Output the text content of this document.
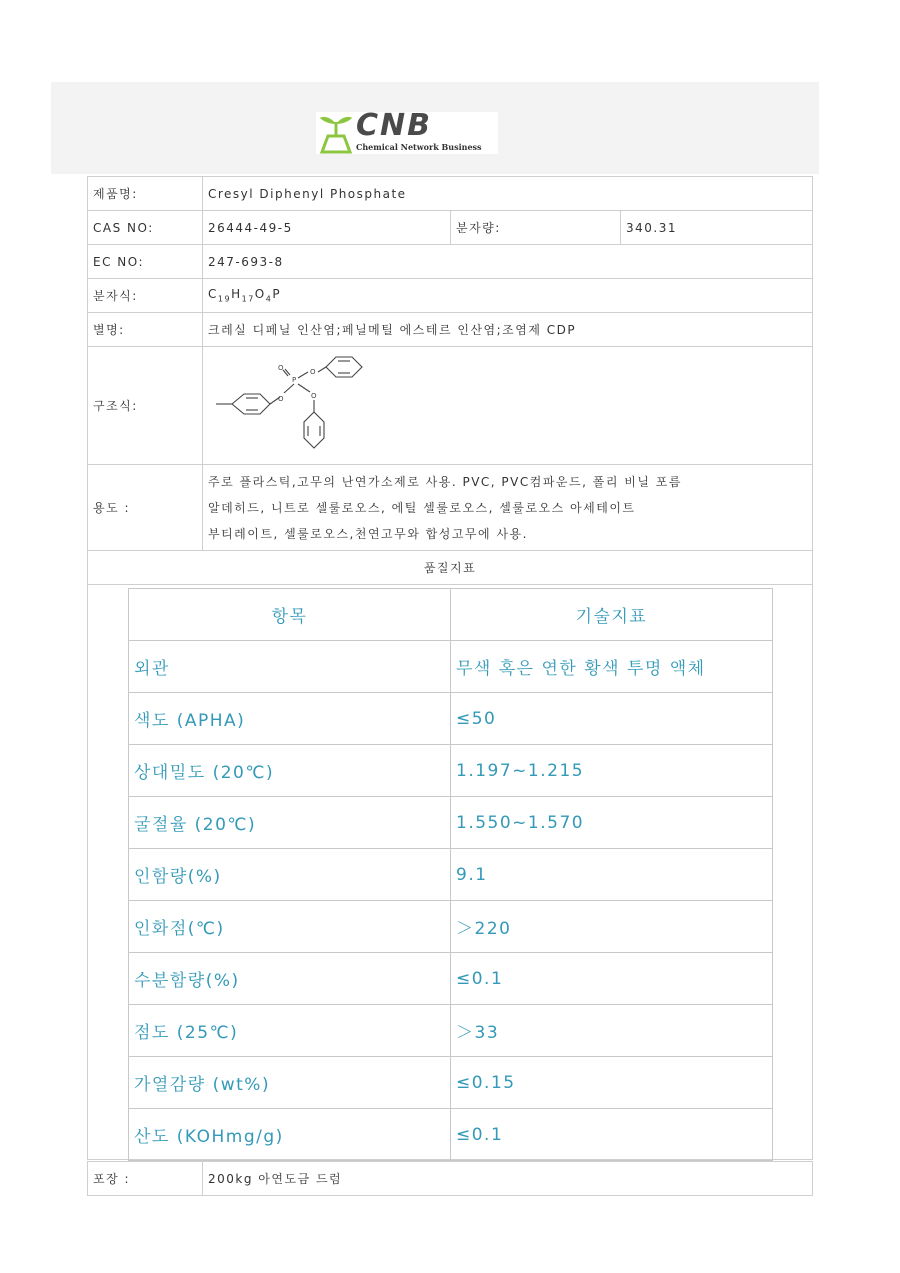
CNB
Chemical Network Business
제품명:	Cresyl Diphenyl Phosphate		
CAS NO:	26444-49-5	분자량:	340.31
EC NO:	247-693-8		
분자식:	$C_{19}H_{17}O_4P$		
별명:	크레실 디페닐 인산염;페닐메틸 에스테르 인산염;조염제 CDP		
구조식:	O
P
O O
O		

용도 :	주로 플라스틱,고무의 난연가소제로 사용. PVC, PVC컴파운드, 폴리 비닐 포름
알데히드, 니트로 셀룰로오스, 에틸 셀룰로오스, 셀룰로오스 아세테이트
부티레이트, 셀룰로오스,천연고무와 합성고무에 사용.		

품질지표			
항목	기술지표
외관	무색 혹은 연한 황색 투명 액체
색도 (APHA)	≤50
상대밀도 (20℃)	1.197~1.215
굴절율 (20℃)	1.550~1.570
인함량(%)	9.1
인화점(℃)	＞220
수분함량(%)	≤0.1
점도 (25℃)	＞33
가열감량 (wt%)	≤0.15
산도 (KOHmg/g)	≤0.1
포장 :	200kg 아연도금 드럼
